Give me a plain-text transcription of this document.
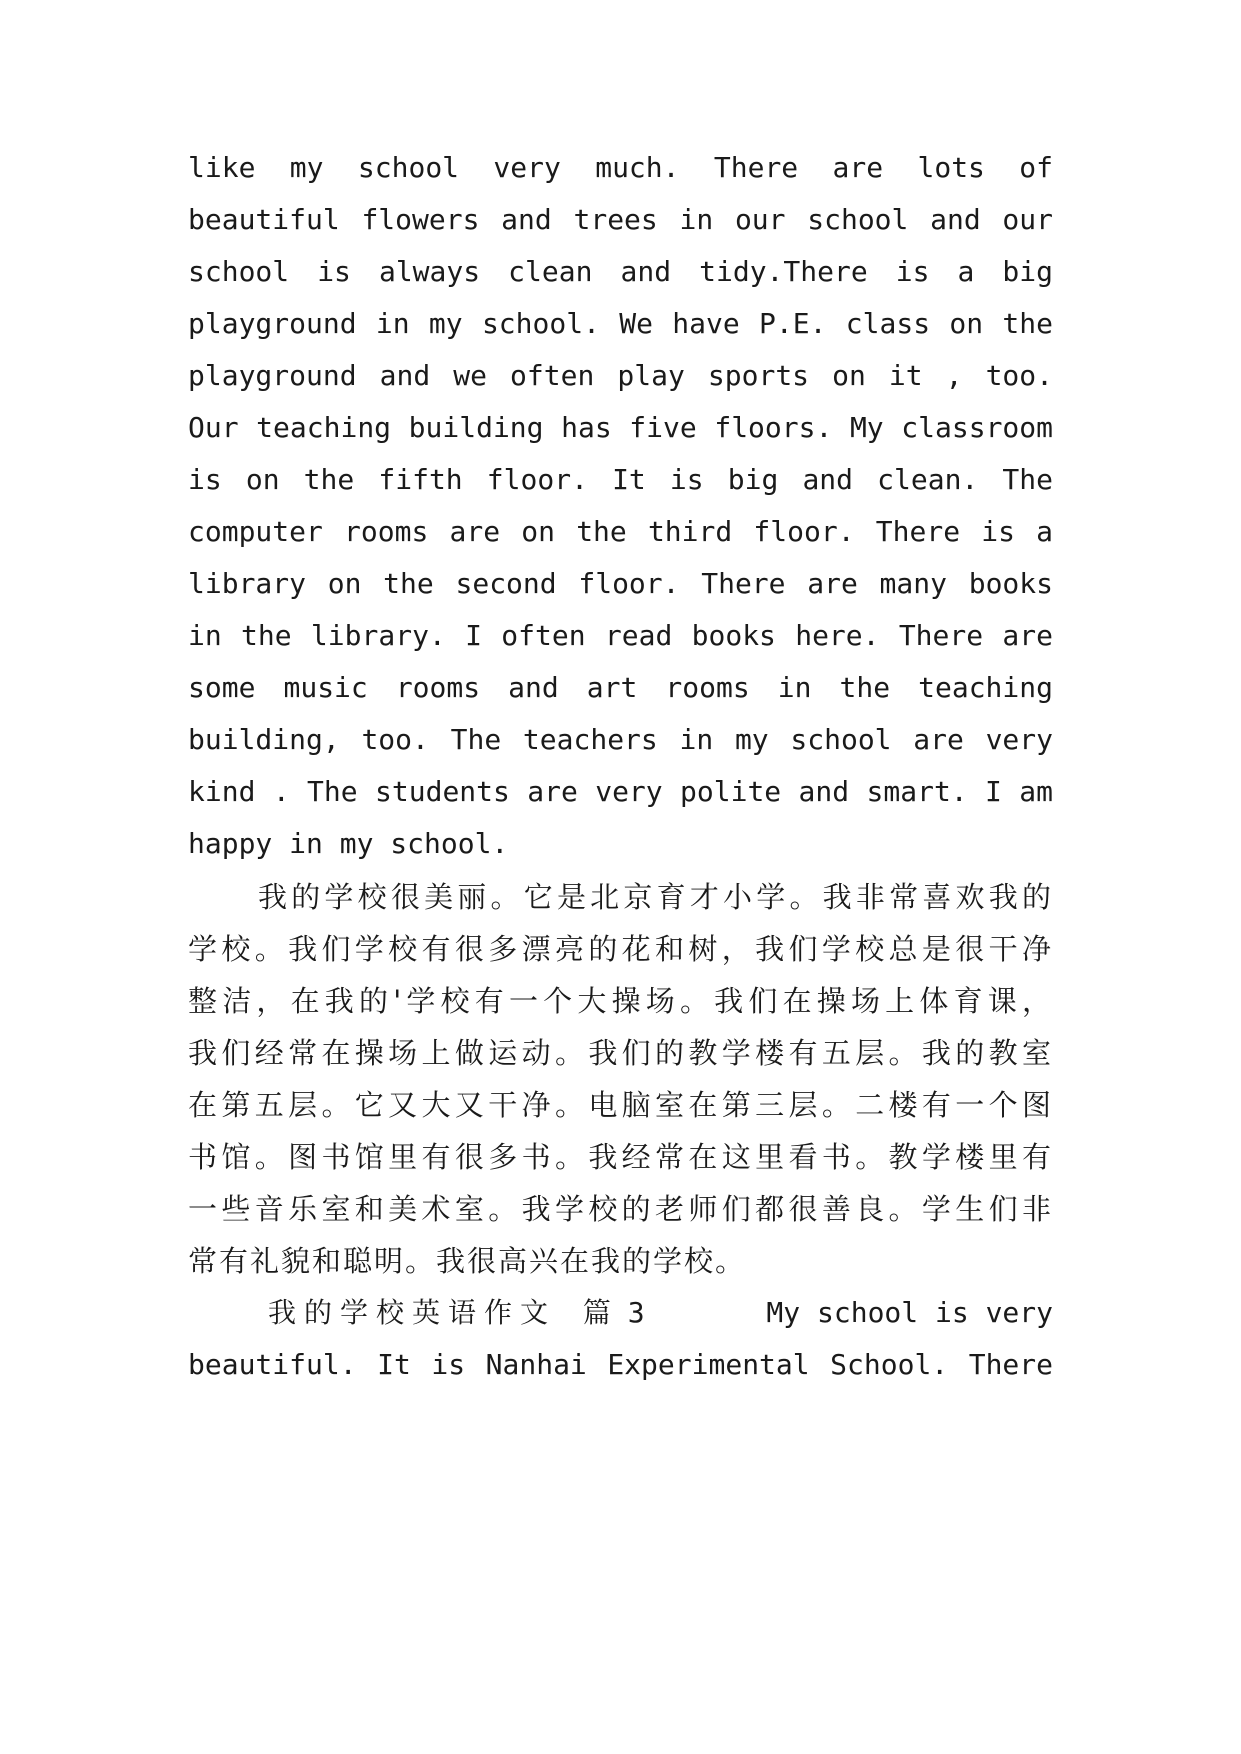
like my school very much. There are lots of
beautiful flowers and trees in our school and our
school is always clean and tidy.There is a big
playground in my school. We have P.E. class on the
playground and we often play sports on it , too.
Our teaching building has five floors. My classroom
is on the fifth floor. It is big and clean. The
computer rooms are on the third floor. There is a
library on the second floor. There are many books
in the library. I often read books here. There are
some music rooms and art rooms in the teaching
building, too. The teachers in my school are very
kind . The students are very polite and smart. I am
happy in my school.
我的学校很美丽。它是北京育才小学。我非常喜欢我的
学校。我们学校有很多漂亮的花和树，我们学校总是很干净
整洁，在我的'学校有一个大操场。我们在操场上体育课，
我们经常在操场上做运动。我们的教学楼有五层。我的教室
在第五层。它又大又干净。电脑室在第三层。二楼有一个图
书馆。图书馆里有很多书。我经常在这里看书。教学楼里有
一些音乐室和美术室。我学校的老师们都很善良。学生们非
常有礼貌和聪明。我很高兴在我的学校。
我的学校英语作文 篇 3	My school is very
beautiful. It is Nanhai Experimental School. There
